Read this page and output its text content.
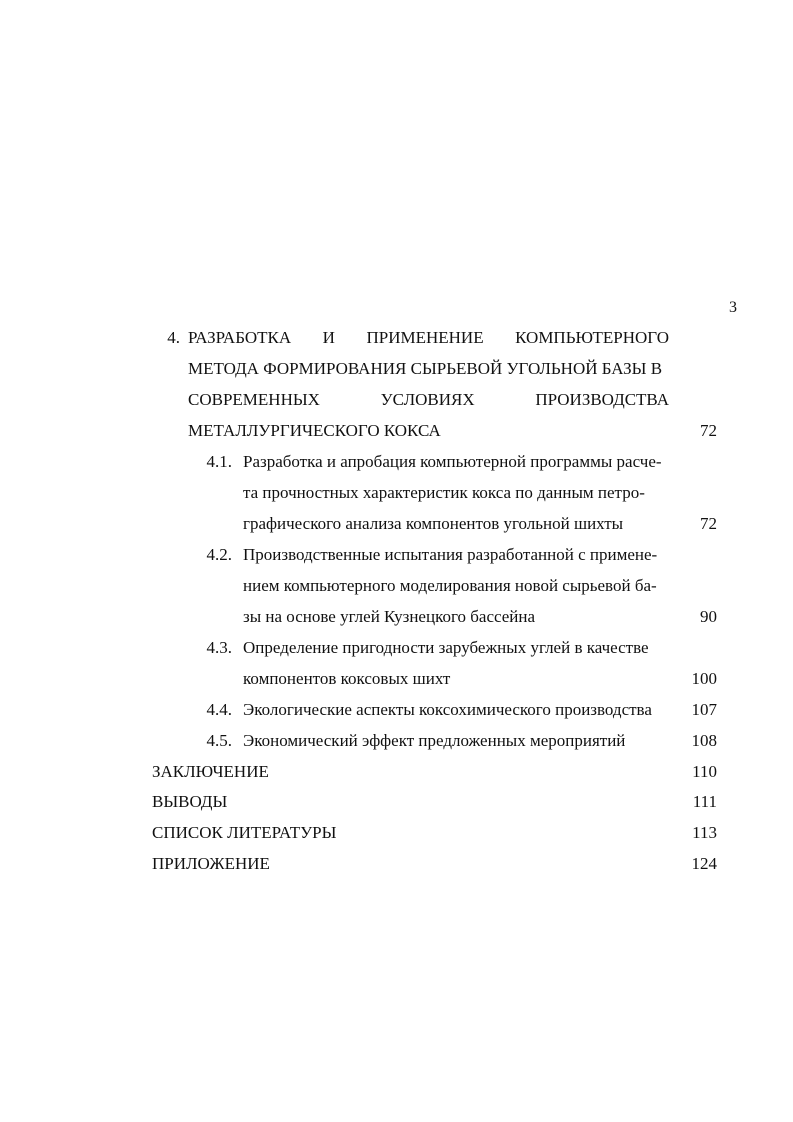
3
4. РАЗРАБОТКА И ПРИМЕНЕНИЕ КОМПЬЮТЕРНОГО
МЕТОДА ФОРМИРОВАНИЯ СЫРЬЕВОЙ УГОЛЬНОЙ БАЗЫ В
СОВРЕМЕННЫХ	УСЛОВИЯХ	ПРОИЗВОДСТВА
МЕТАЛЛУРГИЧЕСКОГО КОКСА	72
4.1. Разработка и апробация компьютерной программы расче-
та прочностных характеристик кокса по данным петро-
графического анализа компонентов угольной шихты	72
4.2. Производственные испытания разработанной с примене-
нием компьютерного моделирования новой сырьевой ба-
зы на основе углей Кузнецкого бассейна	90
4.3. Определение пригодности зарубежных углей в качестве
компонентов коксовых шихт	100
4.4. Экологические аспекты коксохимического производства	107
4.5. Экономический эффект предложенных мероприятий	108
ЗАКЛЮЧЕНИЕ	110
ВЫВОДЫ	111
СПИСОК ЛИТЕРАТУРЫ	113
ПРИЛОЖЕНИЕ	124
